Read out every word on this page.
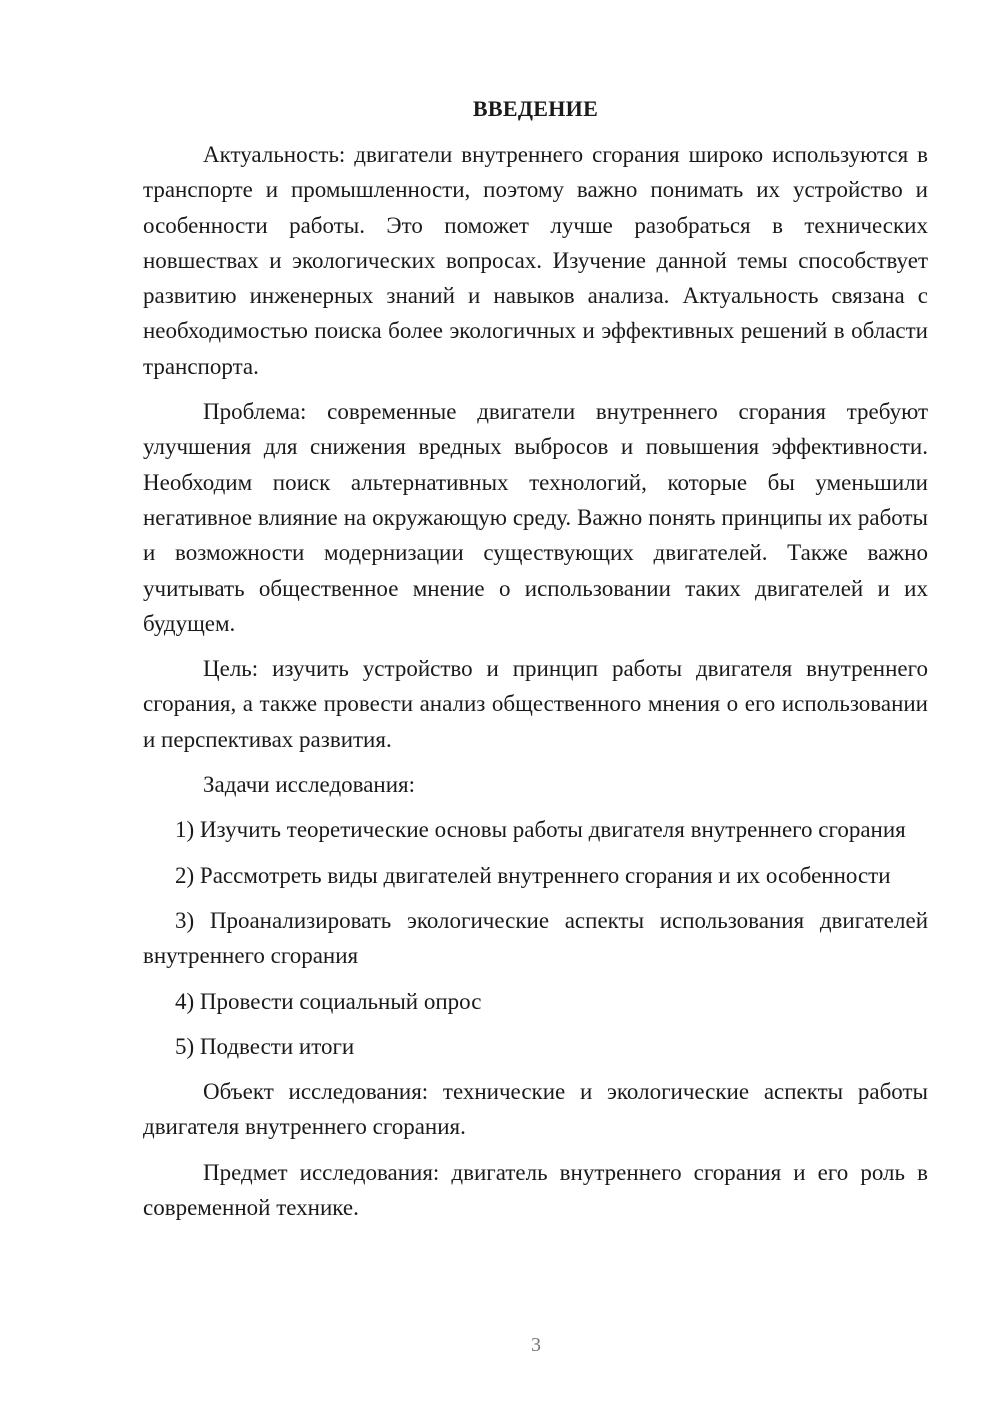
ВВЕДЕНИЕ

Актуальность: двигатели внутреннего сгорания широко используются в транспорте и промышленности, поэтому важно понимать их устройство и особенности работы. Это поможет лучше разобраться в технических новшествах и экологических вопросах. Изучение данной темы способствует развитию инженерных знаний и навыков анализа. Актуальность связана с необходимостью поиска более экологичных и эффективных решений в области транспорта.

Проблема: современные двигатели внутреннего сгорания требуют улучшения для снижения вредных выбросов и повышения эффективности. Необходим поиск альтернативных технологий, которые бы уменьшили негативное влияние на окружающую среду. Важно понять принципы их работы и возможности модернизации существующих двигателей. Также важно учитывать общественное мнение о использовании таких двигателей и их будущем.

Цель: изучить устройство и принцип работы двигателя внутреннего сгорания, а также провести анализ общественного мнения о его использовании и перспективах развития.

Задачи исследования:

1) Изучить теоретические основы работы двигателя внутреннего сгорания

2) Рассмотреть виды двигателей внутреннего сгорания и их особенности

3) Проанализировать экологические аспекты использования двигателей внутреннего сгорания

4) Провести социальный опрос

5) Подвести итоги

Объект исследования: технические и экологические аспекты работы двигателя внутреннего сгорания.

Предмет исследования: двигатель внутреннего сгорания и его роль в современной технике.

3
